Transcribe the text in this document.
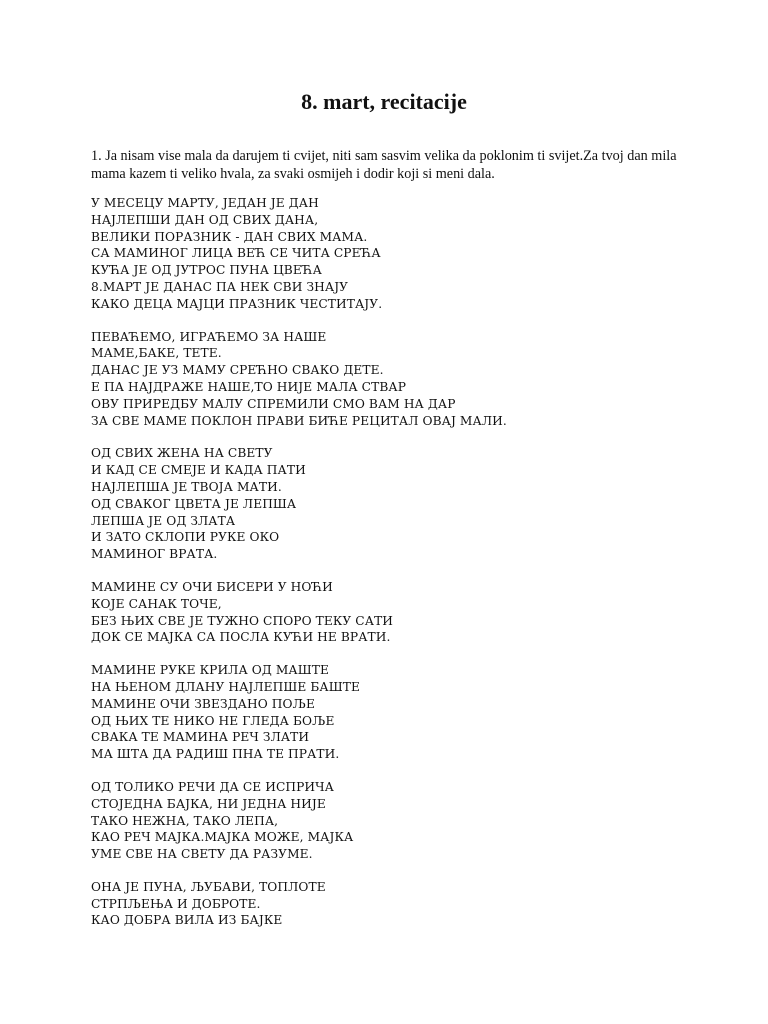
8. mart, recitacije

1. Ja nisam vise mala da darujem ti cvijet, niti sam sasvim velika da poklonim ti svijet.Za tvoj dan mila mama kazem ti veliko hvala, za svaki osmijeh i dodir koji si meni dala.

У МЕСЕЦУ МАРТУ, ЈЕДАН ЈЕ ДАН
НАЈЛЕПШИ ДАН ОД СВИХ ДАНА,
ВЕЛИКИ ПОРАЗНИК - ДАН СВИХ МАМА.
СА МАМИНОГ ЛИЦА ВЕЋ СЕ ЧИТА СРЕЋА
КУЋА ЈЕ ОД ЈУТРОС ПУНА ЦВЕЋА
8.МАРТ ЈЕ ДАНАС ПА НЕК СВИ ЗНАЈУ
КАКО ДЕЦА МАЈЦИ ПРАЗНИК ЧЕСТИТАЈУ.
ПЕВАЋЕМО, ИГРАЋЕМО ЗА НАШЕ
МАМЕ,БАКЕ, ТЕТЕ.
ДАНАС ЈЕ УЗ МАМУ СРЕЋНО СВАКО ДЕТЕ.
Е ПА НАЈДРАЖЕ НАШЕ,ТО НИЈЕ МАЛА СТВАР
ОВУ ПРИРЕДБУ МАЛУ СПРЕМИЛИ СМО ВАМ НА ДАР
ЗА СВЕ МАМЕ ПОКЛОН ПРАВИ БИЋЕ РЕЦИТАЛ ОВАЈ МАЛИ.
ОД СВИХ ЖЕНА НА СВЕТУ
И КАД СЕ СМЕЈЕ И КАДА ПАТИ
НАЈЛЕПША ЈЕ ТВОЈА МАТИ.
ОД СВАКОГ ЦВЕТА ЈЕ ЛЕПША
ЛЕПША ЈЕ ОД ЗЛАТА
И ЗАТО СКЛОПИ РУКЕ ОКО
МАМИНОГ ВРАТА.
МАМИНЕ СУ ОЧИ БИСЕРИ У НОЋИ
КОЈЕ САНАК ТОЧЕ,
БЕЗ ЊИХ СВЕ ЈЕ ТУЖНО СПОРО ТЕКУ САТИ
ДОК СЕ МАЈКА СА ПОСЛА КУЋИ НЕ ВРАТИ.
МАМИНЕ РУКЕ КРИЛА ОД МАШТЕ
НА ЊЕНОМ ДЛАНУ НАЈЛЕПШЕ БАШТЕ
МАМИНЕ ОЧИ ЗВЕЗДАНО ПОЉЕ
ОД ЊИХ ТЕ НИКО НЕ ГЛЕДА БОЉЕ
СВАКА ТЕ МАМИНА РЕЧ ЗЛАТИ
МА ШТА ДА РАДИШ ПНА ТЕ ПРАТИ.
ОД ТОЛИКО РЕЧИ ДА СЕ ИСПРИЧА
СТОЈЕДНА БАЈКА, НИ ЈЕДНА НИЈЕ
ТАКО НЕЖНА, ТАКО ЛЕПА,
КАО РЕЧ МАЈКА.МАЈКА МОЖЕ, МАЈКА
УМЕ СВЕ НА СВЕТУ ДА РАЗУМЕ.
ОНА ЈЕ ПУНА, ЉУБАВИ, ТОПЛОТЕ
СТРПЉЕЊА И ДОБРОТЕ.
КАО ДОБРА ВИЛА ИЗ БАЈКЕ
